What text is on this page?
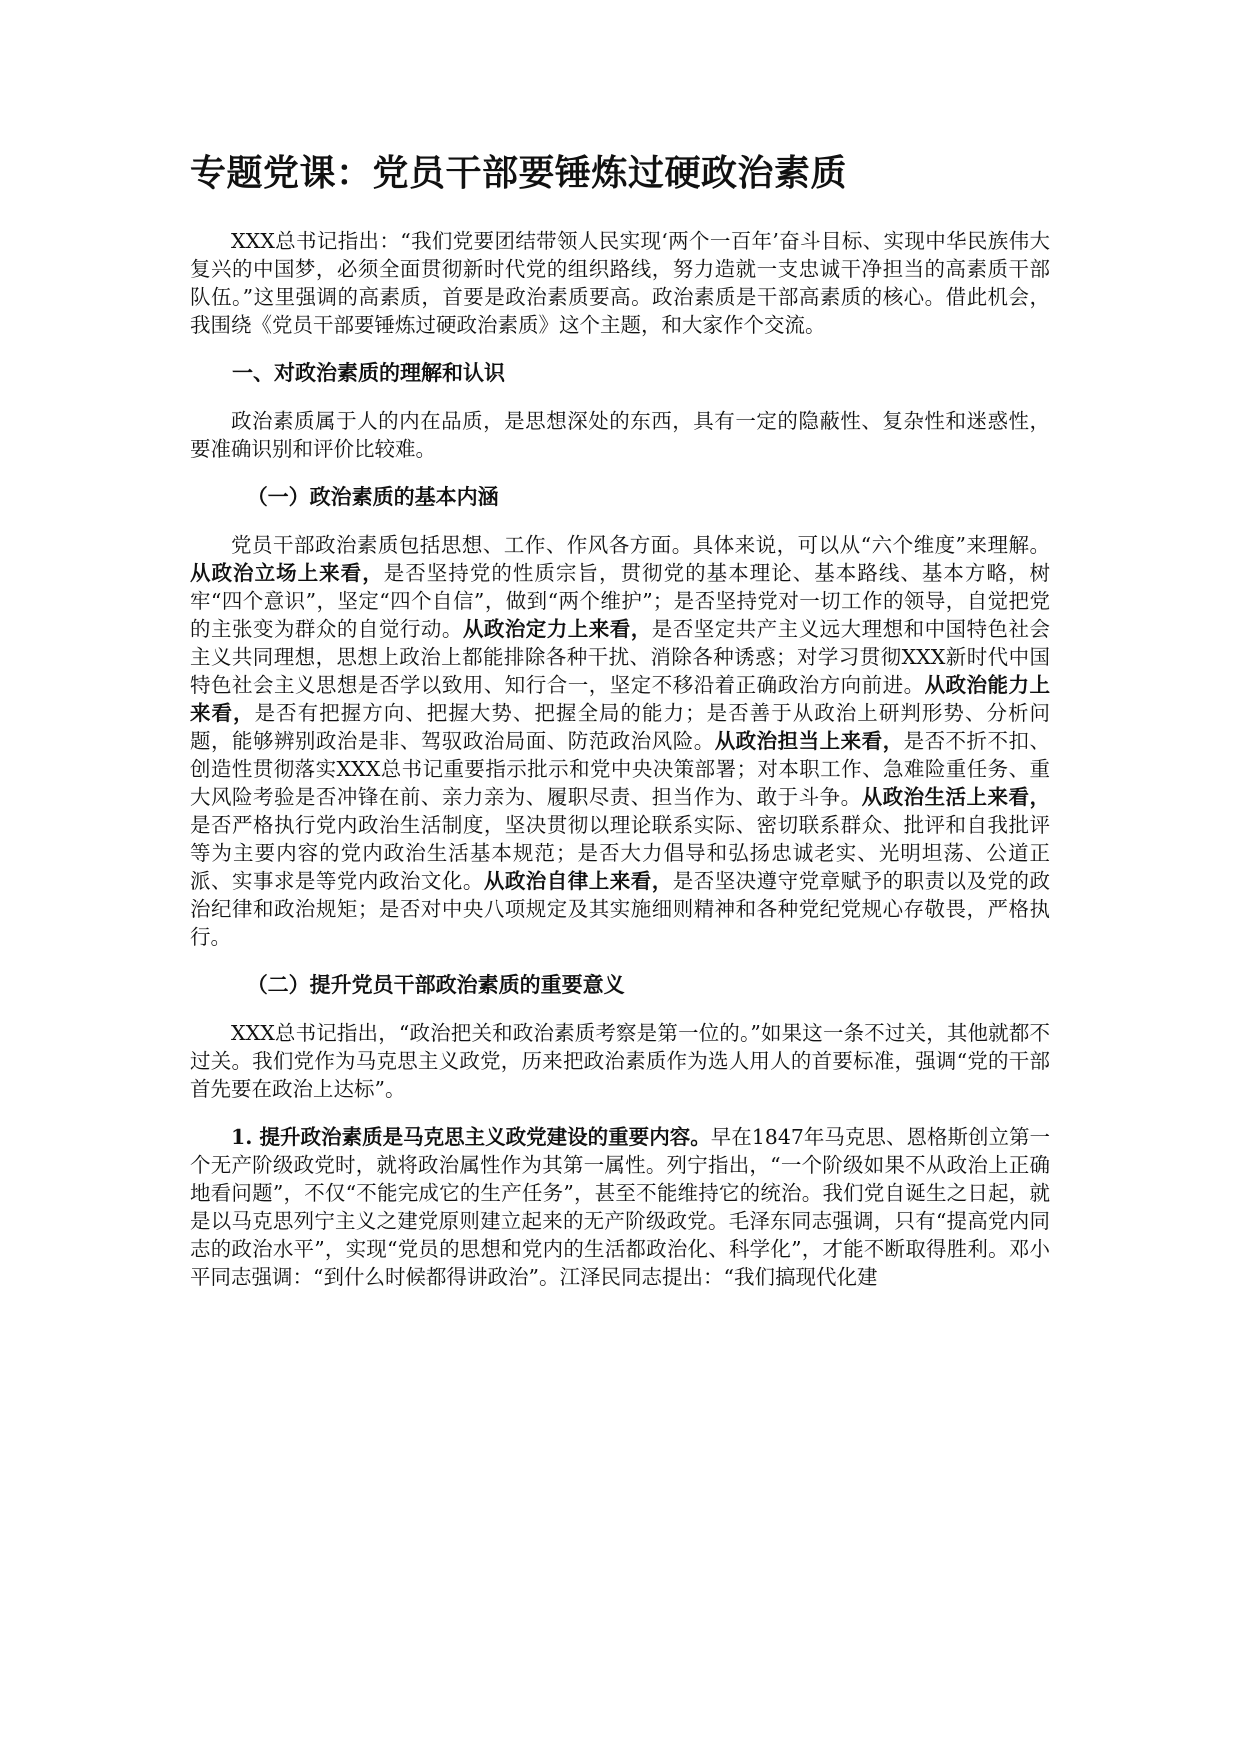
专题党课：党员干部要锤炼过硬政治素质

XXX总书记指出：“我们党要团结带领人民实现‘两个一百年’奋斗目标、实现中华民族伟大复兴的中国梦，必须全面贯彻新时代党的组织路线，努力造就一支忠诚干净担当的高素质干部队伍。”这里强调的高素质，首要是政治素质要高。政治素质是干部高素质的核心。借此机会，我围绕《党员干部要锤炼过硬政治素质》这个主题，和大家作个交流。

一、对政治素质的理解和认识

政治素质属于人的内在品质，是思想深处的东西，具有一定的隐蔽性、复杂性和迷惑性，要准确识别和评价比较难。

（一）政治素质的基本内涵

党员干部政治素质包括思想、工作、作风各方面。具体来说，可以从“六个维度”来理解。从政治立场上来看，是否坚持党的性质宗旨，贯彻党的基本理论、基本路线、基本方略，树牢“四个意识”，坚定“四个自信”，做到“两个维护”；是否坚持党对一切工作的领导，自觉把党的主张变为群众的自觉行动。从政治定力上来看，是否坚定共产主义远大理想和中国特色社会主义共同理想，思想上政治上都能排除各种干扰、消除各种诱惑；对学习贯彻XXX新时代中国特色社会主义思想是否学以致用、知行合一，坚定不移沿着正确政治方向前进。从政治能力上来看，是否有把握方向、把握大势、把握全局的能力；是否善于从政治上研判形势、分析问题，能够辨别政治是非、驾驭政治局面、防范政治风险。从政治担当上来看，是否不折不扣、创造性贯彻落实XXX总书记重要指示批示和党中央决策部署；对本职工作、急难险重任务、重大风险考验是否冲锋在前、亲力亲为、履职尽责、担当作为、敢于斗争。从政治生活上来看，是否严格执行党内政治生活制度，坚决贯彻以理论联系实际、密切联系群众、批评和自我批评等为主要内容的党内政治生活基本规范；是否大力倡导和弘扬忠诚老实、光明坦荡、公道正派、实事求是等党内政治文化。从政治自律上来看，是否坚决遵守党章赋予的职责以及党的政治纪律和政治规矩；是否对中央八项规定及其实施细则精神和各种党纪党规心存敬畏，严格执行。

（二）提升党员干部政治素质的重要意义

XXX总书记指出，“政治把关和政治素质考察是第一位的。”如果这一条不过关，其他就都不过关。我们党作为马克思主义政党，历来把政治素质作为选人用人的首要标准，强调“党的干部首先要在政治上达标”。

1. 提升政治素质是马克思主义政党建设的重要内容。早在1847年马克思、恩格斯创立第一个无产阶级政党时，就将政治属性作为其第一属性。列宁指出，“一个阶级如果不从政治上正确地看问题”，不仅“不能完成它的生产任务”，甚至不能维持它的统治。我们党自诞生之日起，就是以马克思列宁主义之建党原则建立起来的无产阶级政党。毛泽东同志强调，只有“提高党内同志的政治水平”，实现“党员的思想和党内的生活都政治化、科学化”，才能不断取得胜利。邓小平同志强调：“到什么时候都得讲政治”。江泽民同志提出：“我们搞现代化建
